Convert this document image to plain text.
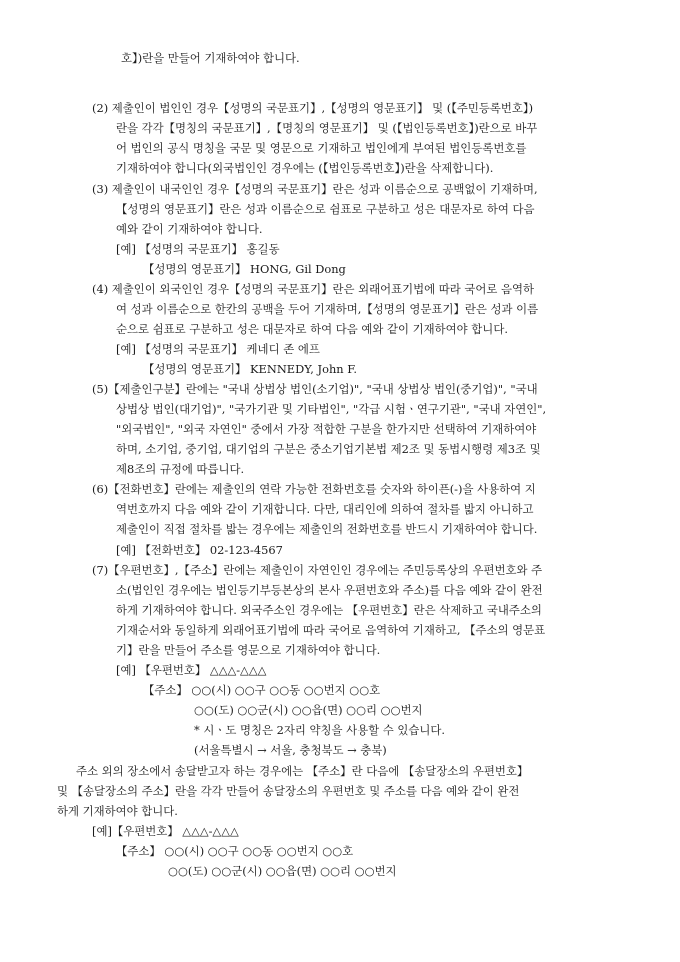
호】)란을 만들어 기재하여야 합니다.
(2) 제출인이 법인인 경우【성명의 국문표기】,【성명의 영문표기】 및 (【주민등록번호】)
란을 각각【명칭의 국문표기】,【명칭의 영문표기】 및 (【법인등록번호】)란으로 바꾸
어 법인의 공식 명칭을 국문 및 영문으로 기재하고 법인에게 부여된 법인등록번호를
기재하여야 합니다(외국법인인 경우에는 (【법인등록번호】)란을 삭제합니다).
(3) 제출인이 내국인인 경우【성명의 국문표기】란은 성과 이름순으로 공백없이 기재하며,
【성명의 영문표기】란은 성과 이름순으로 쉼표로 구분하고 성은 대문자로 하여 다음
예와 같이 기재하여야 합니다.
[예] 【성명의 국문표기】 홍길동
【성명의 영문표기】 HONG, Gil Dong
(4) 제출인이 외국인인 경우【성명의 국문표기】란은 외래어표기법에 따라 국어로 음역하
여 성과 이름순으로 한칸의 공백을 두어 기재하며,【성명의 영문표기】란은 성과 이름
순으로 쉼표로 구분하고 성은 대문자로 하여 다음 예와 같이 기재하여야 합니다.
[예] 【성명의 국문표기】 케네디 존 에프
【성명의 영문표기】 KENNEDY, John F.
(5)【제출인구분】란에는 "국내 상법상 법인(소기업)", "국내 상법상 법인(중기업)", "국내
상법상 법인(대기업)", "국가기관 및 기타법인", "각급 시험ㆍ연구기관", "국내 자연인",
"외국법인", "외국 자연인" 중에서 가장 적합한 구분을 한가지만 선택하여 기재하여야
하며, 소기업, 중기업, 대기업의 구분은 중소기업기본법 제2조 및 동법시행령 제3조 및
제8조의 규정에 따릅니다.
(6)【전화번호】란에는 제출인의 연락 가능한 전화번호를 숫자와 하이픈(-)을 사용하여 지
역번호까지 다음 예와 같이 기재합니다. 다만, 대리인에 의하여 절차를 밟지 아니하고
제출인이 직접 절차를 밟는 경우에는 제출인의 전화번호를 반드시 기재하여야 합니다.
[예] 【전화번호】 02-123-4567
(7)【우편번호】,【주소】란에는 제출인이 자연인인 경우에는 주민등록상의 우편번호와 주
소(법인인 경우에는 법인등기부등본상의 본사 우편번호와 주소)를 다음 예와 같이 완전
하게 기재하여야 합니다. 외국주소인 경우에는 【우편번호】란은 삭제하고 국내주소의
기재순서와 동일하게 외래어표기법에 따라 국어로 음역하여 기재하고, 【주소의 영문표
기】란을 만들어 주소를 영문으로 기재하여야 합니다.
[예] 【우편번호】 △△△-△△△
【주소】 ○○(시) ○○구 ○○동 ○○번지 ○○호
○○(도) ○○군(시) ○○읍(면) ○○리 ○○번지
* 시ㆍ도 명칭은 2자리 약칭을 사용할 수 있습니다.
(서울특별시 → 서울, 충청북도 → 충북)
주소 외의 장소에서 송달받고자 하는 경우에는 【주소】란 다음에 【송달장소의 우편번호】
및 【송달장소의 주소】란을 각각 만들어 송달장소의 우편번호 및 주소를 다음 예와 같이 완전
하게 기재하여야 합니다.
[예]【우편번호】 △△△-△△△
【주소】 ○○(시) ○○구 ○○동 ○○번지 ○○호
○○(도) ○○군(시) ○○읍(면) ○○리 ○○번지
